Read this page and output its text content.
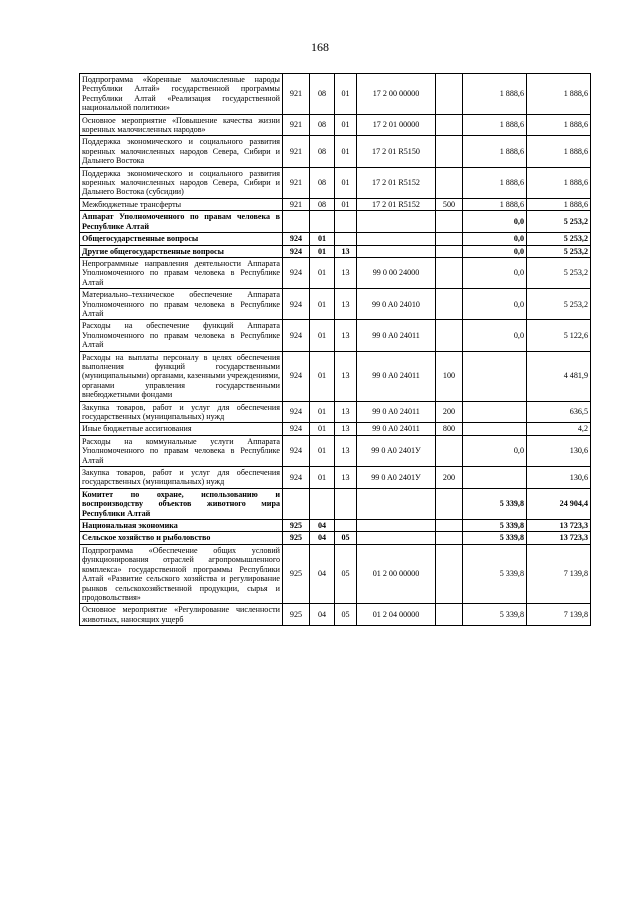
168
Подпрограмма «Коренные малочисленные народы Республики Алтай» государственной программы Республики Алтай «Реализация государственной национальной политики»	921	08	01	17 2 00 00000		1 888,6	1 888,6
Основное мероприятие «Повышение качества жизни коренных малочисленных народов»	921	08	01	17 2 01 00000		1 888,6	1 888,6
Поддержка экономического и социального развития коренных малочисленных народов Севера, Сибири и Дальнего Востока	921	08	01	17 2 01 R5150		1 888,6	1 888,6
Поддержка экономического и социального развития коренных малочисленных народов Севера, Сибири и Дальнего Востока (субсидии)	921	08	01	17 2 01 R5152		1 888,6	1 888,6
Межбюджетные трансферты	921	08	01	17 2 01 R5152	500	1 888,6	1 888,6
Аппарат Уполномоченного по правам человека в Республике Алтай						0,0	5 253,2
Общегосударственные вопросы	924	01				0,0	5 253,2
Другие общегосударственные вопросы	924	01	13			0,0	5 253,2
Непрограммные направления деятельности Аппарата Уполномоченного по правам человека в Республике Алтай	924	01	13	99 0 00 24000		0,0	5 253,2
Материально–техническое обеспечение Аппарата Уполномоченного по правам человека в Республике Алтай	924	01	13	99 0 A0 24010		0,0	5 253,2
Расходы на обеспечение функций Аппарата Уполномоченного по правам человека в Республике Алтай	924	01	13	99 0 A0 24011		0,0	5 122,6
Расходы на выплаты персоналу в целях обеспечения выполнения функций государственными (муниципальными) органами, казенными учреждениями, органами управления государственными внебюджетными фондами	924	01	13	99 0 A0 24011	100		4 481,9
Закупка товаров, работ и услуг для обеспечения государственных (муниципальных) нужд	924	01	13	99 0 A0 24011	200		636,5
Иные бюджетные ассигнования	924	01	13	99 0 A0 24011	800		4,2
Расходы на коммунальные услуги Аппарата Уполномоченного по правам человека в Республике Алтай	924	01	13	99 0 A0 2401У		0,0	130,6
Закупка товаров, работ и услуг для обеспечения государственных (муниципальных) нужд	924	01	13	99 0 A0 2401У	200		130,6
Комитет по охране, использованию и воспроизводству объектов животного мира Республики Алтай						5 339,8	24 904,4
Национальная экономика	925	04				5 339,8	13 723,3
Сельское хозяйство и рыболовство	925	04	05			5 339,8	13 723,3
Подпрограмма «Обеспечение общих условий функционирования отраслей агропромышленного комплекса» государственной программы Республики Алтай «Развитие сельского хозяйства и регулирование рынков сельскохозяйственной продукции, сырья и продовольствия»	925	04	05	01 2 00 00000		5 339,8	7 139,8
Основное мероприятие «Регулирование численности животных, наносящих ущерб	925	04	05	01 2 04 00000		5 339,8	7 139,8
